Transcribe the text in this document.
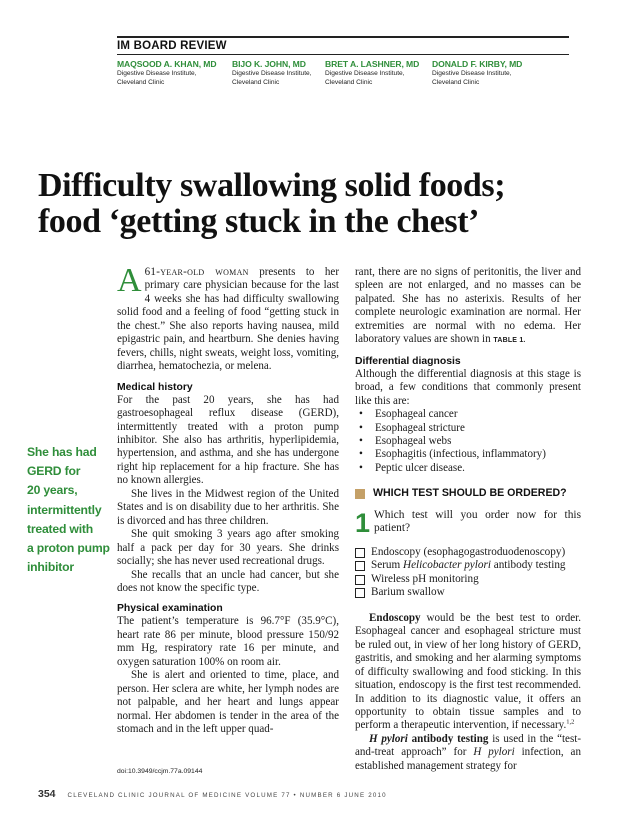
IM BOARD REVIEW
MAQSOOD A. KHAN, MD
Digestive Disease Institute,
Cleveland Clinic
BIJO K. JOHN, MD
Digestive Disease Institute,
Cleveland Clinic
BRET A. LASHNER, MD
Digestive Disease Institute,
Cleveland Clinic
DONALD F. KIRBY, MD
Digestive Disease Institute,
Cleveland Clinic
Difficulty swallowing solid foods;
food ‘getting stuck in the chest’
She has had
GERD for
20 years,
intermittently
treated with
a proton pump
inhibitor

A 61-year-old woman presents to her primary care physician because for the last 4 weeks she has had difficulty swallowing solid food and a feeling of food “getting stuck in the chest.” She also reports having nausea, mild epigastric pain, and heartburn. She denies having fevers, chills, night sweats, weight loss, vomiting, diarrhea, hematochezia, or melena.

Medical history

For the past 20 years, she has had gastroesophageal reflux disease (GERD), intermittently treated with a proton pump inhibitor. She also has arthritis, hyperlipidemia, hypertension, and asthma, and she has undergone right hip replacement for a hip fracture. She has no known allergies.

She lives in the Midwest region of the United States and is on disability due to her arthritis. She is divorced and has three children.

She quit smoking 3 years ago after smoking half a pack per day for 30 years. She drinks socially; she has never used recreational drugs.

She recalls that an uncle had cancer, but she does not know the specific type.

Physical examination

The patient’s temperature is 96.7°F (35.9°C), heart rate 86 per minute, blood pressure 150/92 mm Hg, respiratory rate 16 per minute, and oxygen saturation 100% on room air.

She is alert and oriented to time, place, and person. Her sclera are white, her lymph nodes are not palpable, and her heart and lungs appear normal. Her abdomen is tender in the area of the stomach and in the left upper quad-

rant, there are no signs of peritonitis, the liver and spleen are not enlarged, and no masses can be palpated. She has no asterixis. Results of her complete neurologic examination are normal. Her extremities are normal with no edema. Her laboratory values are shown in TABLE 1.

Differential diagnosis

Although the differential diagnosis at this stage is broad, a few conditions that commonly present like this are:

• Esophageal cancer
• Esophageal stricture
• Esophageal webs
• Esophagitis (infectious, inflammatory)
• Peptic ulcer disease.
WHICH TEST SHOULD BE ORDERED?

1 Which test will you order now for this patient?

Endoscopy (esophagogastroduodenoscopy)
Serum Helicobacter pylori antibody testing
Wireless pH monitoring
Barium swallow

Endoscopy would be the best test to order. Esophageal cancer and esophageal stricture must be ruled out, in view of her long history of GERD, gastritis, and smoking and her alarming symptoms of difficulty swallowing and food sticking. In this situation, endoscopy is the first test recommended. In addition to its diagnostic value, it offers an opportunity to obtain tissue samples and to perform a therapeutic intervention, if necessary.$^{1,2}$

H pylori antibody testing is used in the “test-and-treat approach” for H pylori infection, an established management strategy for

doi:10.3949/ccjm.77a.09144
354 CLEVELAND CLINIC JOURNAL OF MEDICINE VOLUME 77 • NUMBER 6 JUNE 2010
